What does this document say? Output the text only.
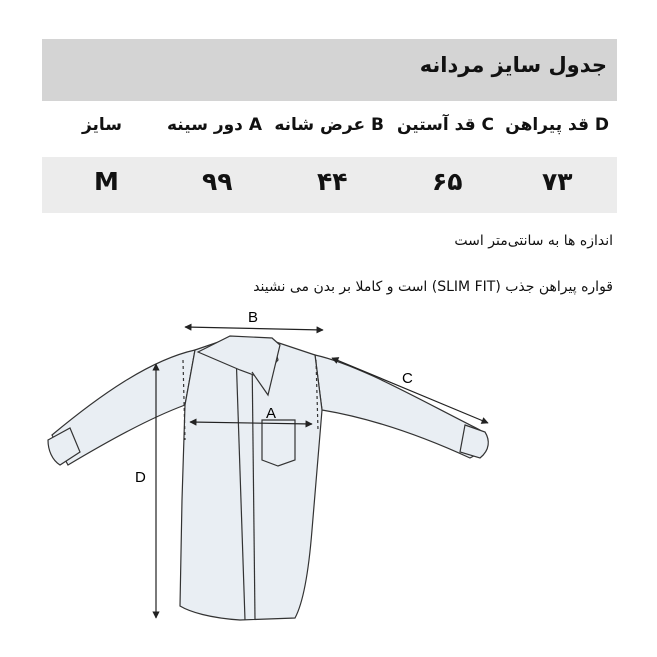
جدول سایز مردانه
D قد پیراهن
C قد آستین
B عرض شانه
A دور سینه
سایز
۷۳
۶۵
۴۴
۹۹
M
اندازه ها به سانتی‌متر است
قواره پیراهن جذب (SLIM FIT) است و کاملا بر بدن می نشیند
B
A
C
D
